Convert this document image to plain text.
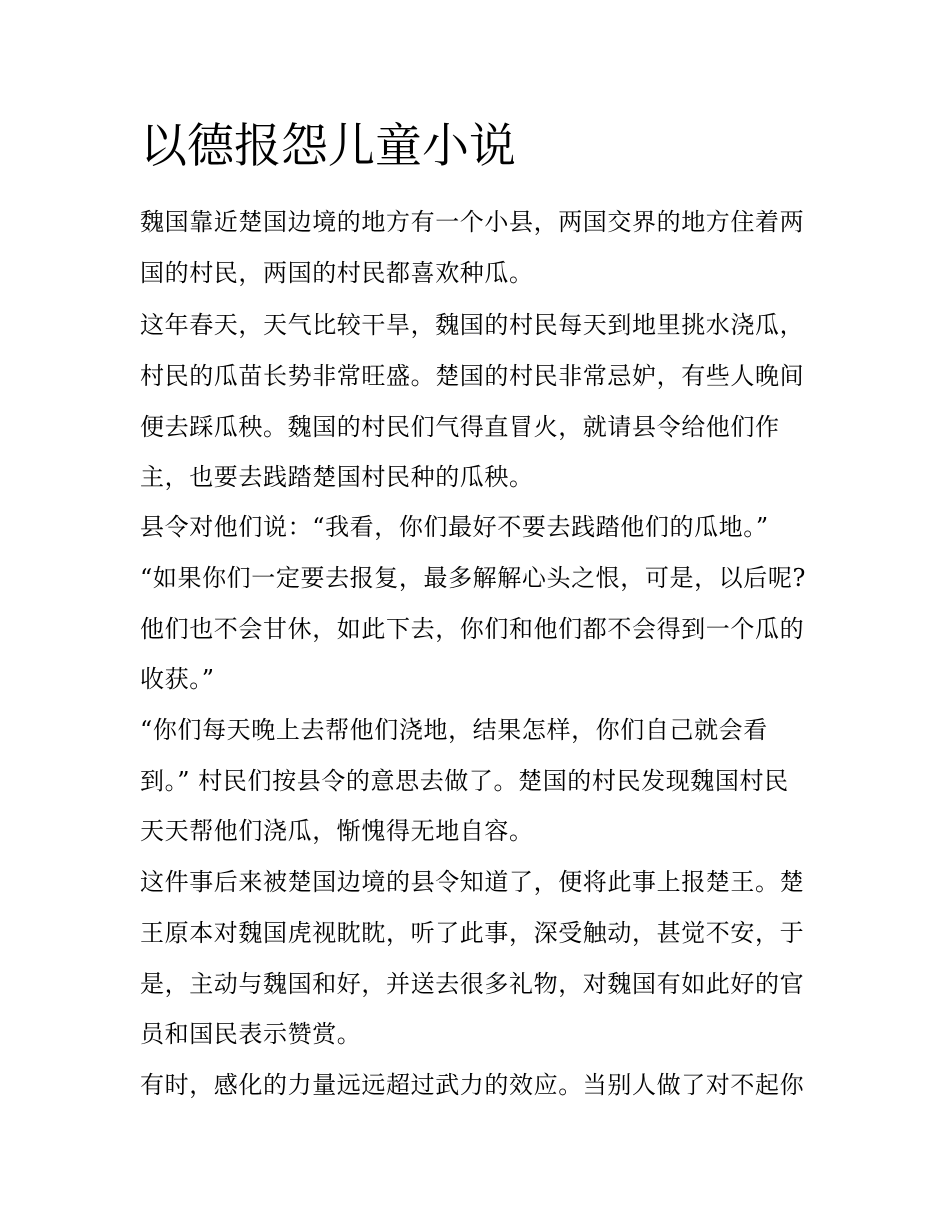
以德报怨儿童小说
魏国靠近楚国边境的地方有一个小县，两国交界的地方住着两
国的村民，两国的村民都喜欢种瓜。
这年春天，天气比较干旱，魏国的村民每天到地里挑水浇瓜，
村民的瓜苗长势非常旺盛。楚国的村民非常忌妒，有些人晚间
便去踩瓜秧。魏国的村民们气得直冒火，就请县令给他们作
主，也要去践踏楚国村民种的瓜秧。
县令对他们说：“我看，你们最好不要去践踏他们的瓜地。”
“如果你们一定要去报复，最多解解心头之恨，可是，以后呢?
他们也不会甘休，如此下去，你们和他们都不会得到一个瓜的
收获。”
“你们每天晚上去帮他们浇地，结果怎样，你们自己就会看
到。” 村民们按县令的意思去做了。楚国的村民发现魏国村民
天天帮他们浇瓜，惭愧得无地自容。
这件事后来被楚国边境的县令知道了，便将此事上报楚王。楚
王原本对魏国虎视眈眈，听了此事，深受触动，甚觉不安，于
是，主动与魏国和好，并送去很多礼物，对魏国有如此好的官
员和国民表示赞赏。
有时，感化的力量远远超过武力的效应。当别人做了对不起你
